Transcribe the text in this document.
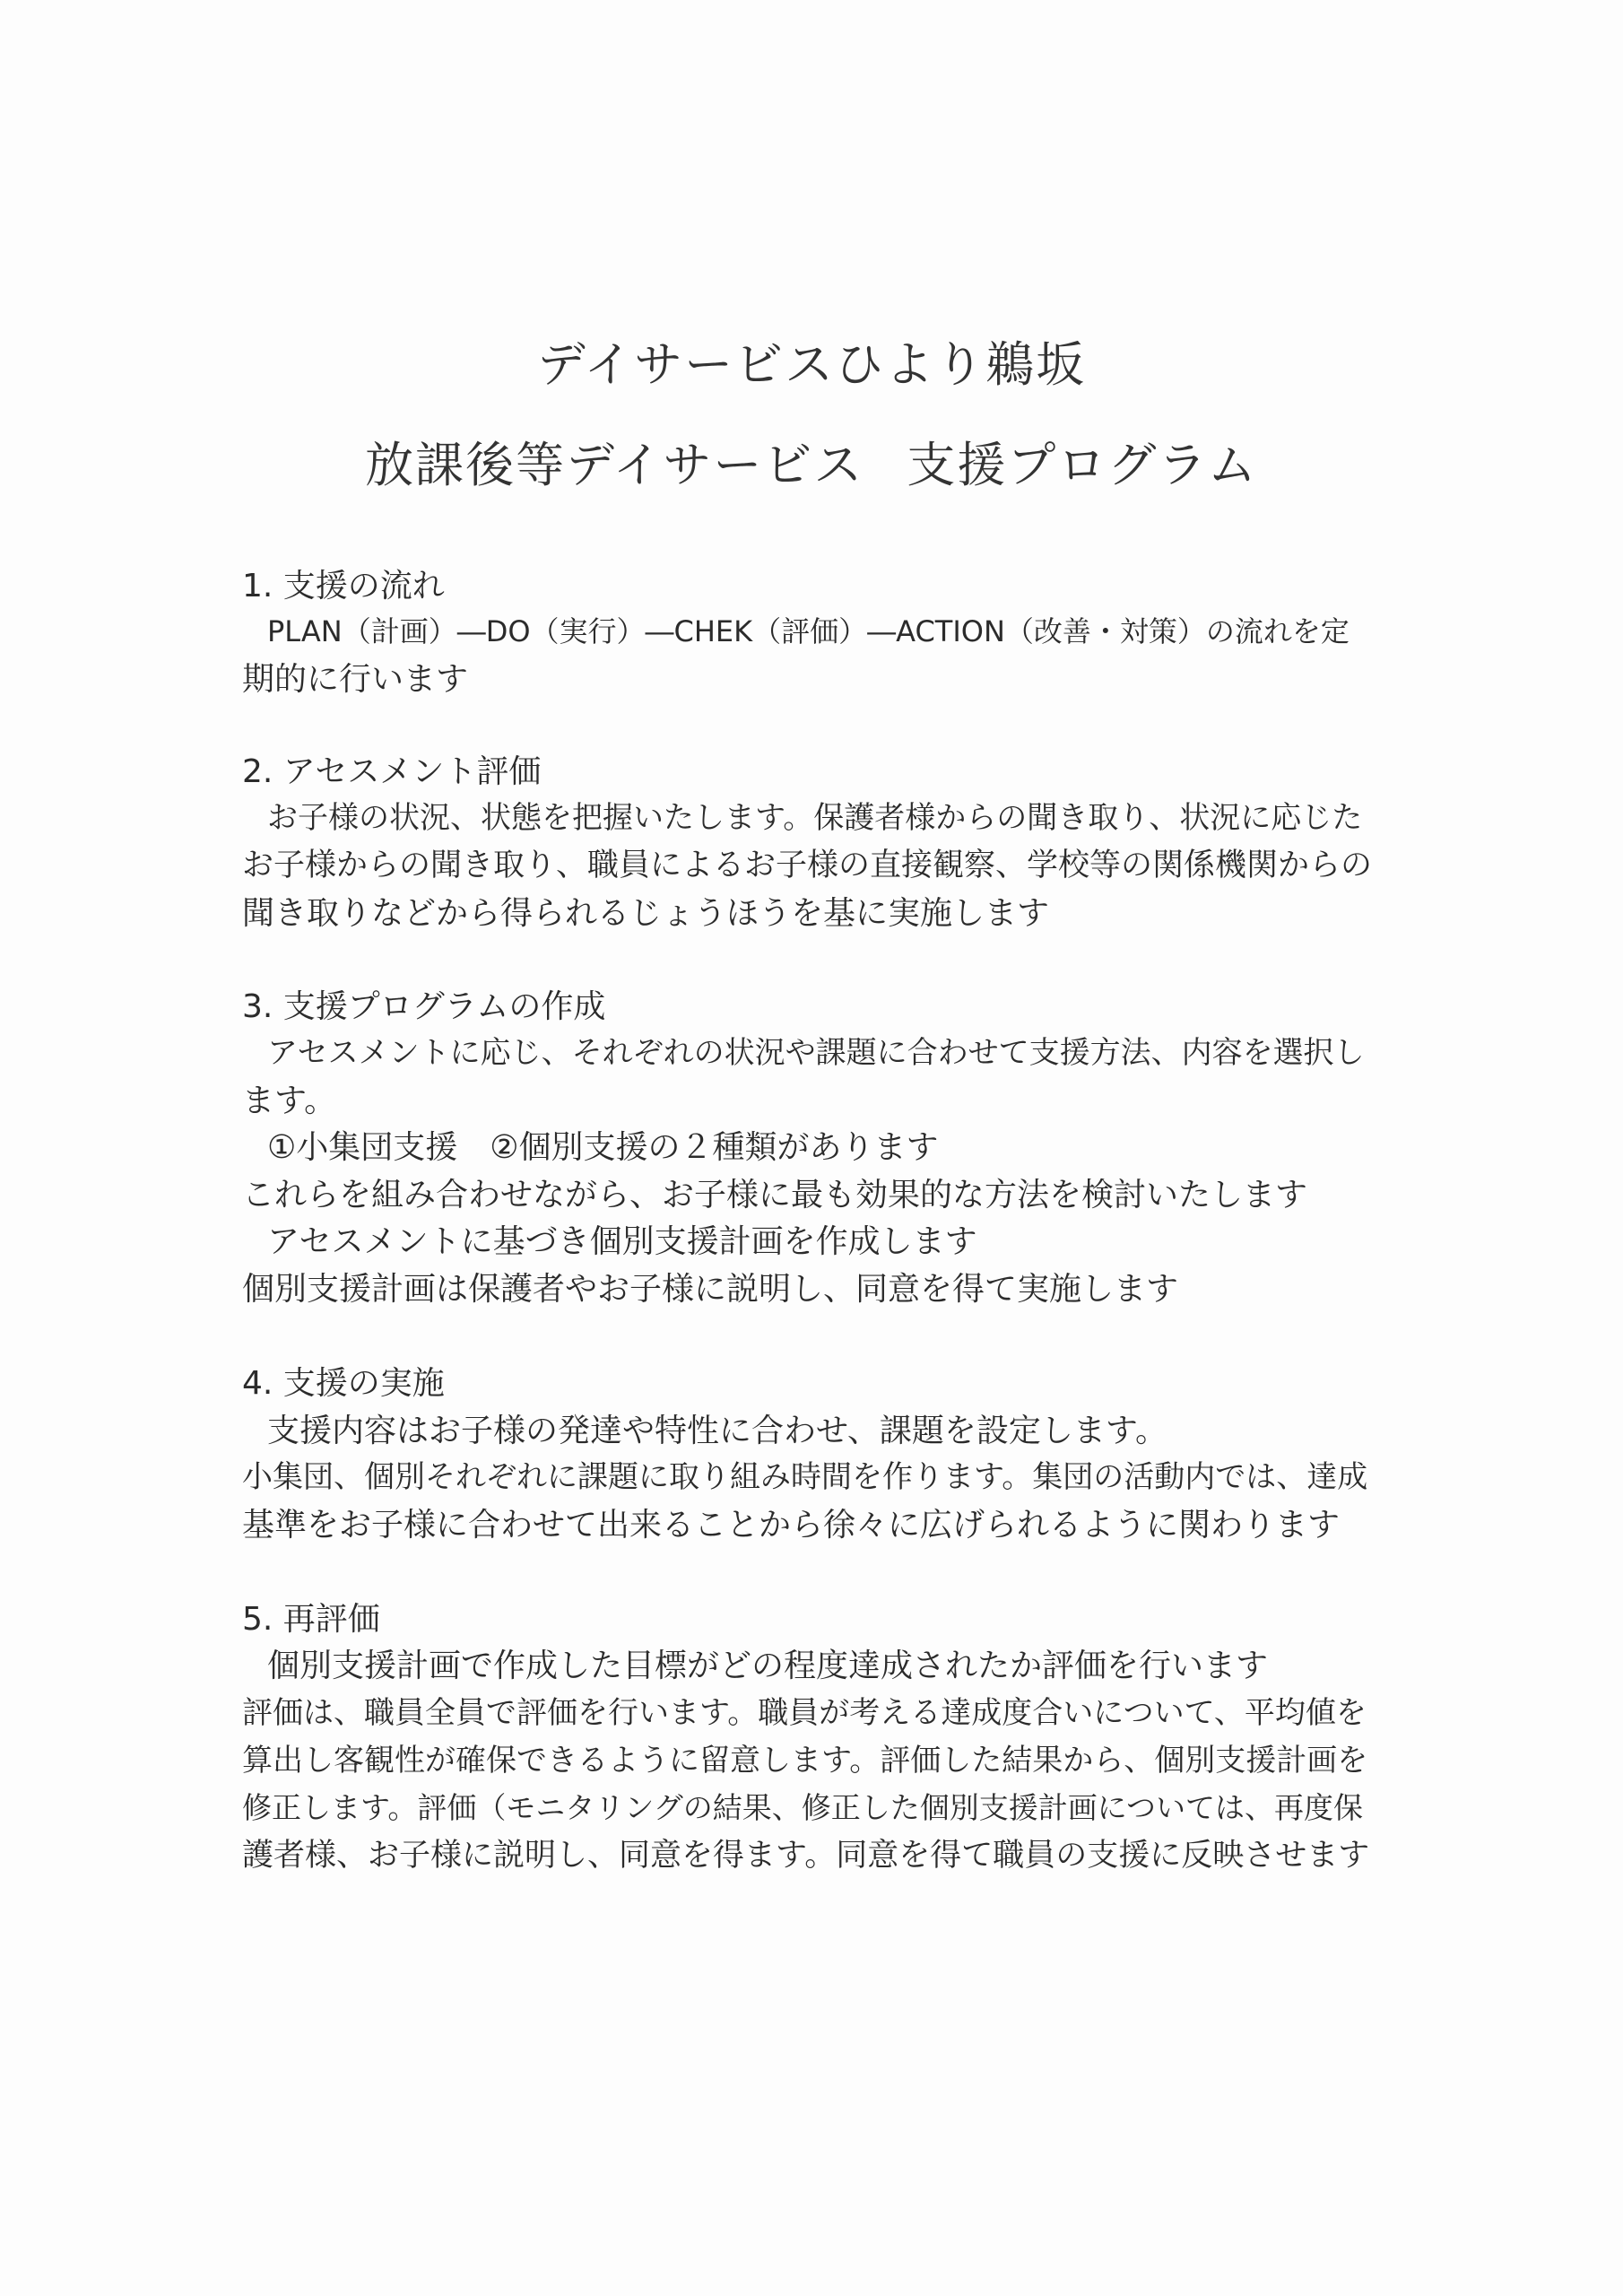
デイサービスひより鵜坂
放課後等デイサービス 支援プログラム
1. 支援の流れ
PLAN（計画）―DO（実行）―CHEK（評価）―ACTION（改善・対策）の流れを定
期的に行います
2. アセスメント評価
お子様の状況、状態を把握いたします。保護者様からの聞き取り、状況に応じた
お子様からの聞き取り、職員によるお子様の直接観察、学校等の関係機関からの
聞き取りなどから得られるじょうほうを基に実施します
3. 支援プログラムの作成
アセスメントに応じ、それぞれの状況や課題に合わせて支援方法、内容を選択し
ます。
①小集団支援　②個別支援の２種類があります
これらを組み合わせながら、お子様に最も効果的な方法を検討いたします
アセスメントに基づき個別支援計画を作成します
個別支援計画は保護者やお子様に説明し、同意を得て実施します
4. 支援の実施
支援内容はお子様の発達や特性に合わせ、課題を設定します。
小集団、個別それぞれに課題に取り組み時間を作ります。集団の活動内では、達成
基準をお子様に合わせて出来ることから徐々に広げられるように関わります
5. 再評価
個別支援計画で作成した目標がどの程度達成されたか評価を行います
評価は、職員全員で評価を行います。職員が考える達成度合いについて、平均値を
算出し客観性が確保できるように留意します。評価した結果から、個別支援計画を
修正します。評価（モニタリングの結果、修正した個別支援計画については、再度保
護者様、お子様に説明し、同意を得ます。同意を得て職員の支援に反映させます
